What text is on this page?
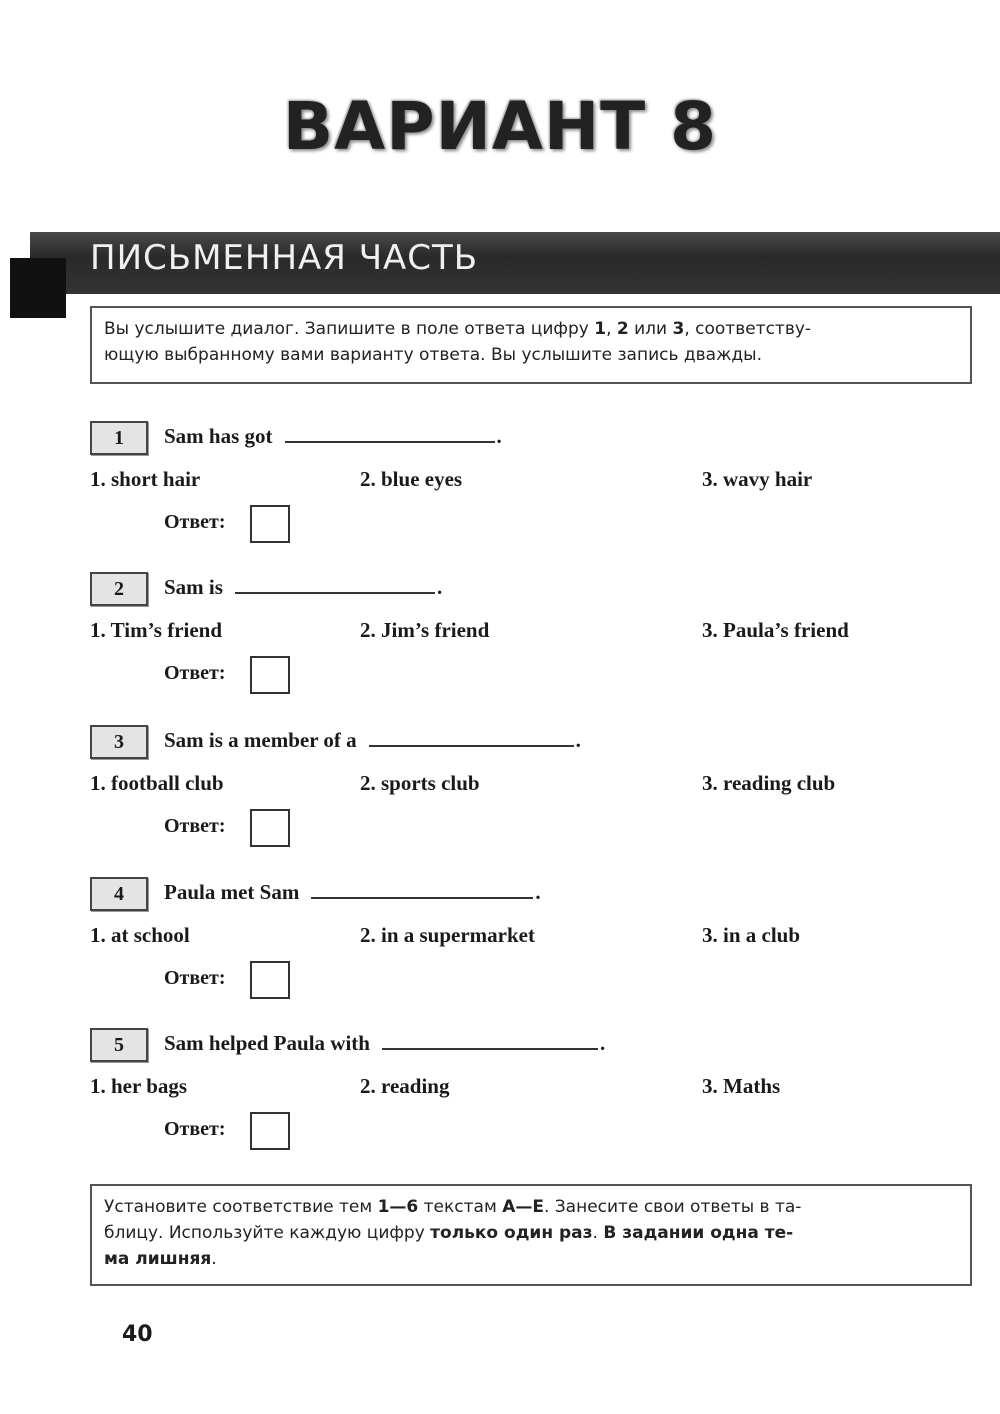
ВАРИАНТ 8
ПИСЬМЕННАЯ ЧАСТЬ
Вы услышите диалог. Запишите в поле ответа цифру 1, 2 или 3, соответству-
ющую выбранному вами варианту ответа. Вы услышите запись дважды.
1	Sam has got	.
1. short hair	2. blue eyes	3. wavy hair
Ответ:
2	Sam is	.
1. Tim’s friend	2. Jim’s friend	3. Paula’s friend
Ответ:
3	Sam is a member of a	.
1. football club	2. sports club	3. reading club
Ответ:
4	Paula met Sam	.
1. at school	2. in a supermarket	3. in a club
Ответ:
5	Sam helped Paula with	.
1. her bags	2. reading	3. Maths
Ответ:
Установите соответствие тем 1—6 текстам А—Е. Занесите свои ответы в та-
блицу. Используйте каждую цифру только один раз. В задании одна те-
ма лишняя.
40
